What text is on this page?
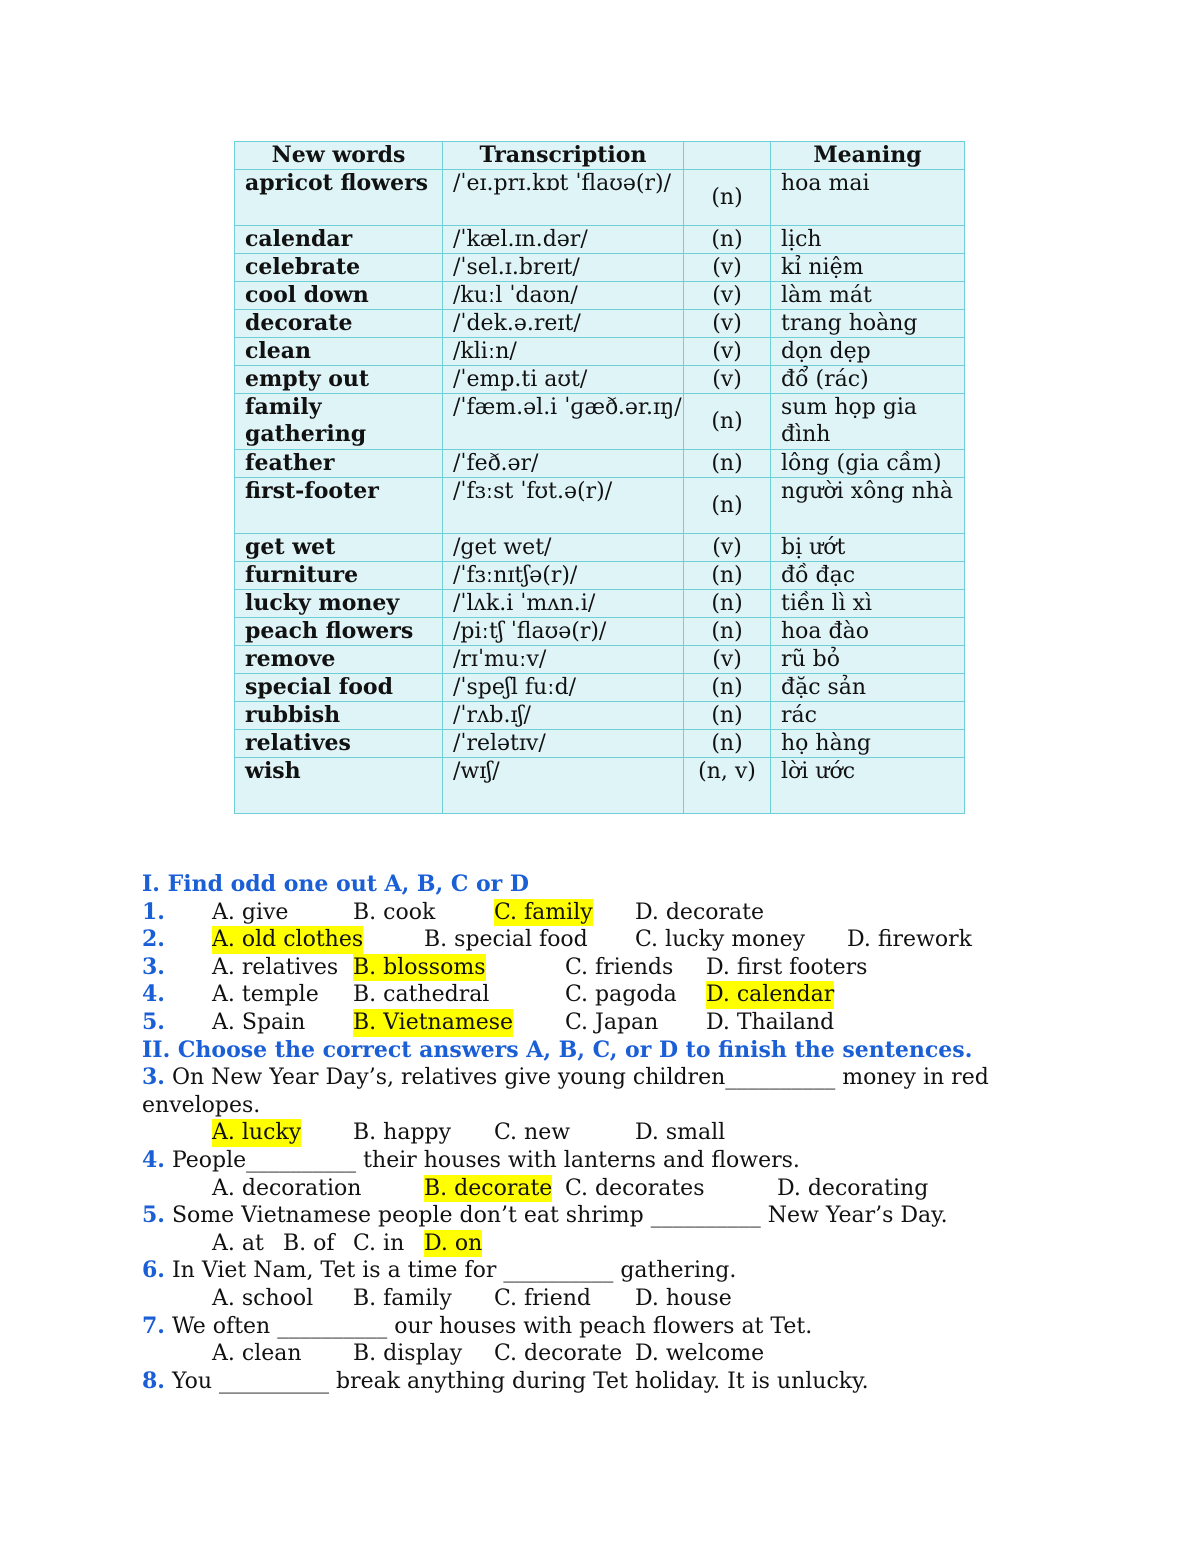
New words	Transcription		Meaning
apricot flowers	/ˈeɪ.prɪ.kɒt ˈflaʊə(r)/	(n)	hoa mai
calendar	/ˈkæl.ɪn.dər/	(n)	lịch
celebrate	/ˈsel.ɪ.breɪt/	(v)	kỉ niệm
cool down	/kuːl ˈdaʊn/	(v)	làm mát
decorate	/ˈdek.ə.reɪt/	(v)	trang hoàng
clean	/kliːn/	(v)	dọn dẹp
empty out	/ˈemp.ti aʊt/	(v)	đổ (rác)
family gathering	/ˈfæm.əl.i ˈɡæð.ər.ɪŋ/	(n)	sum họp gia đình
feather	/ˈfeð.ər/	(n)	lông (gia cầm)
first-footer	/ˈfɜːst ˈfʊt.ə(r)/	(n)	người xông nhà
get wet	/get wet/	(v)	bị ướt
furniture	/ˈfɜːnɪtʃə(r)/	(n)	đồ đạc
lucky money	/ˈlʌk.i ˈmʌn.i/	(n)	tiền lì xì
peach flowers	/piːtʃ ˈflaʊə(r)/	(n)	hoa đào
remove	/rɪˈmuːv/	(v)	rũ bỏ
special food	/ˈspeʃl fuːd/	(n)	đặc sản
rubbish	/ˈrʌb.ɪʃ/	(n)	rác
relatives	/ˈrelətɪv/	(n)	họ hàng
wish	/wɪʃ/	(n, v)	lời ước
I. Find odd one out A, B, C or D
1. A. give	B. cook	C. family D. decorate
2. A. old clothes	B. special food C. lucky money D. firework
3. A. relatives B. blossoms	C. friends D. first footers
4. A. temple B. cathedral	C. pagoda D. calendar
5. A. Spain B. Vietnamese C. Japan D. Thailand
II. Choose the correct answers A, B, C, or D to finish the sentences.
3. On New Year Day’s, relatives give young children__________ money in red envelopes.
A. lucky B. happy C. new	D. small
4. People__________ their houses with lanterns and flowers.
A. decoration	B. decorate C. decorates	D. decorating
5. Some Vietnamese people don’t eat shrimp __________ New Year’s Day.
A. at B. of C. in D. on
6. In Viet Nam, Tet is a time for __________ gathering.
A. school B. family C. friend D. house
7. We often __________ our houses with peach flowers at Tet.
A. clean B. display C. decorate D. welcome
8. You __________ break anything during Tet holiday. It is unlucky.
